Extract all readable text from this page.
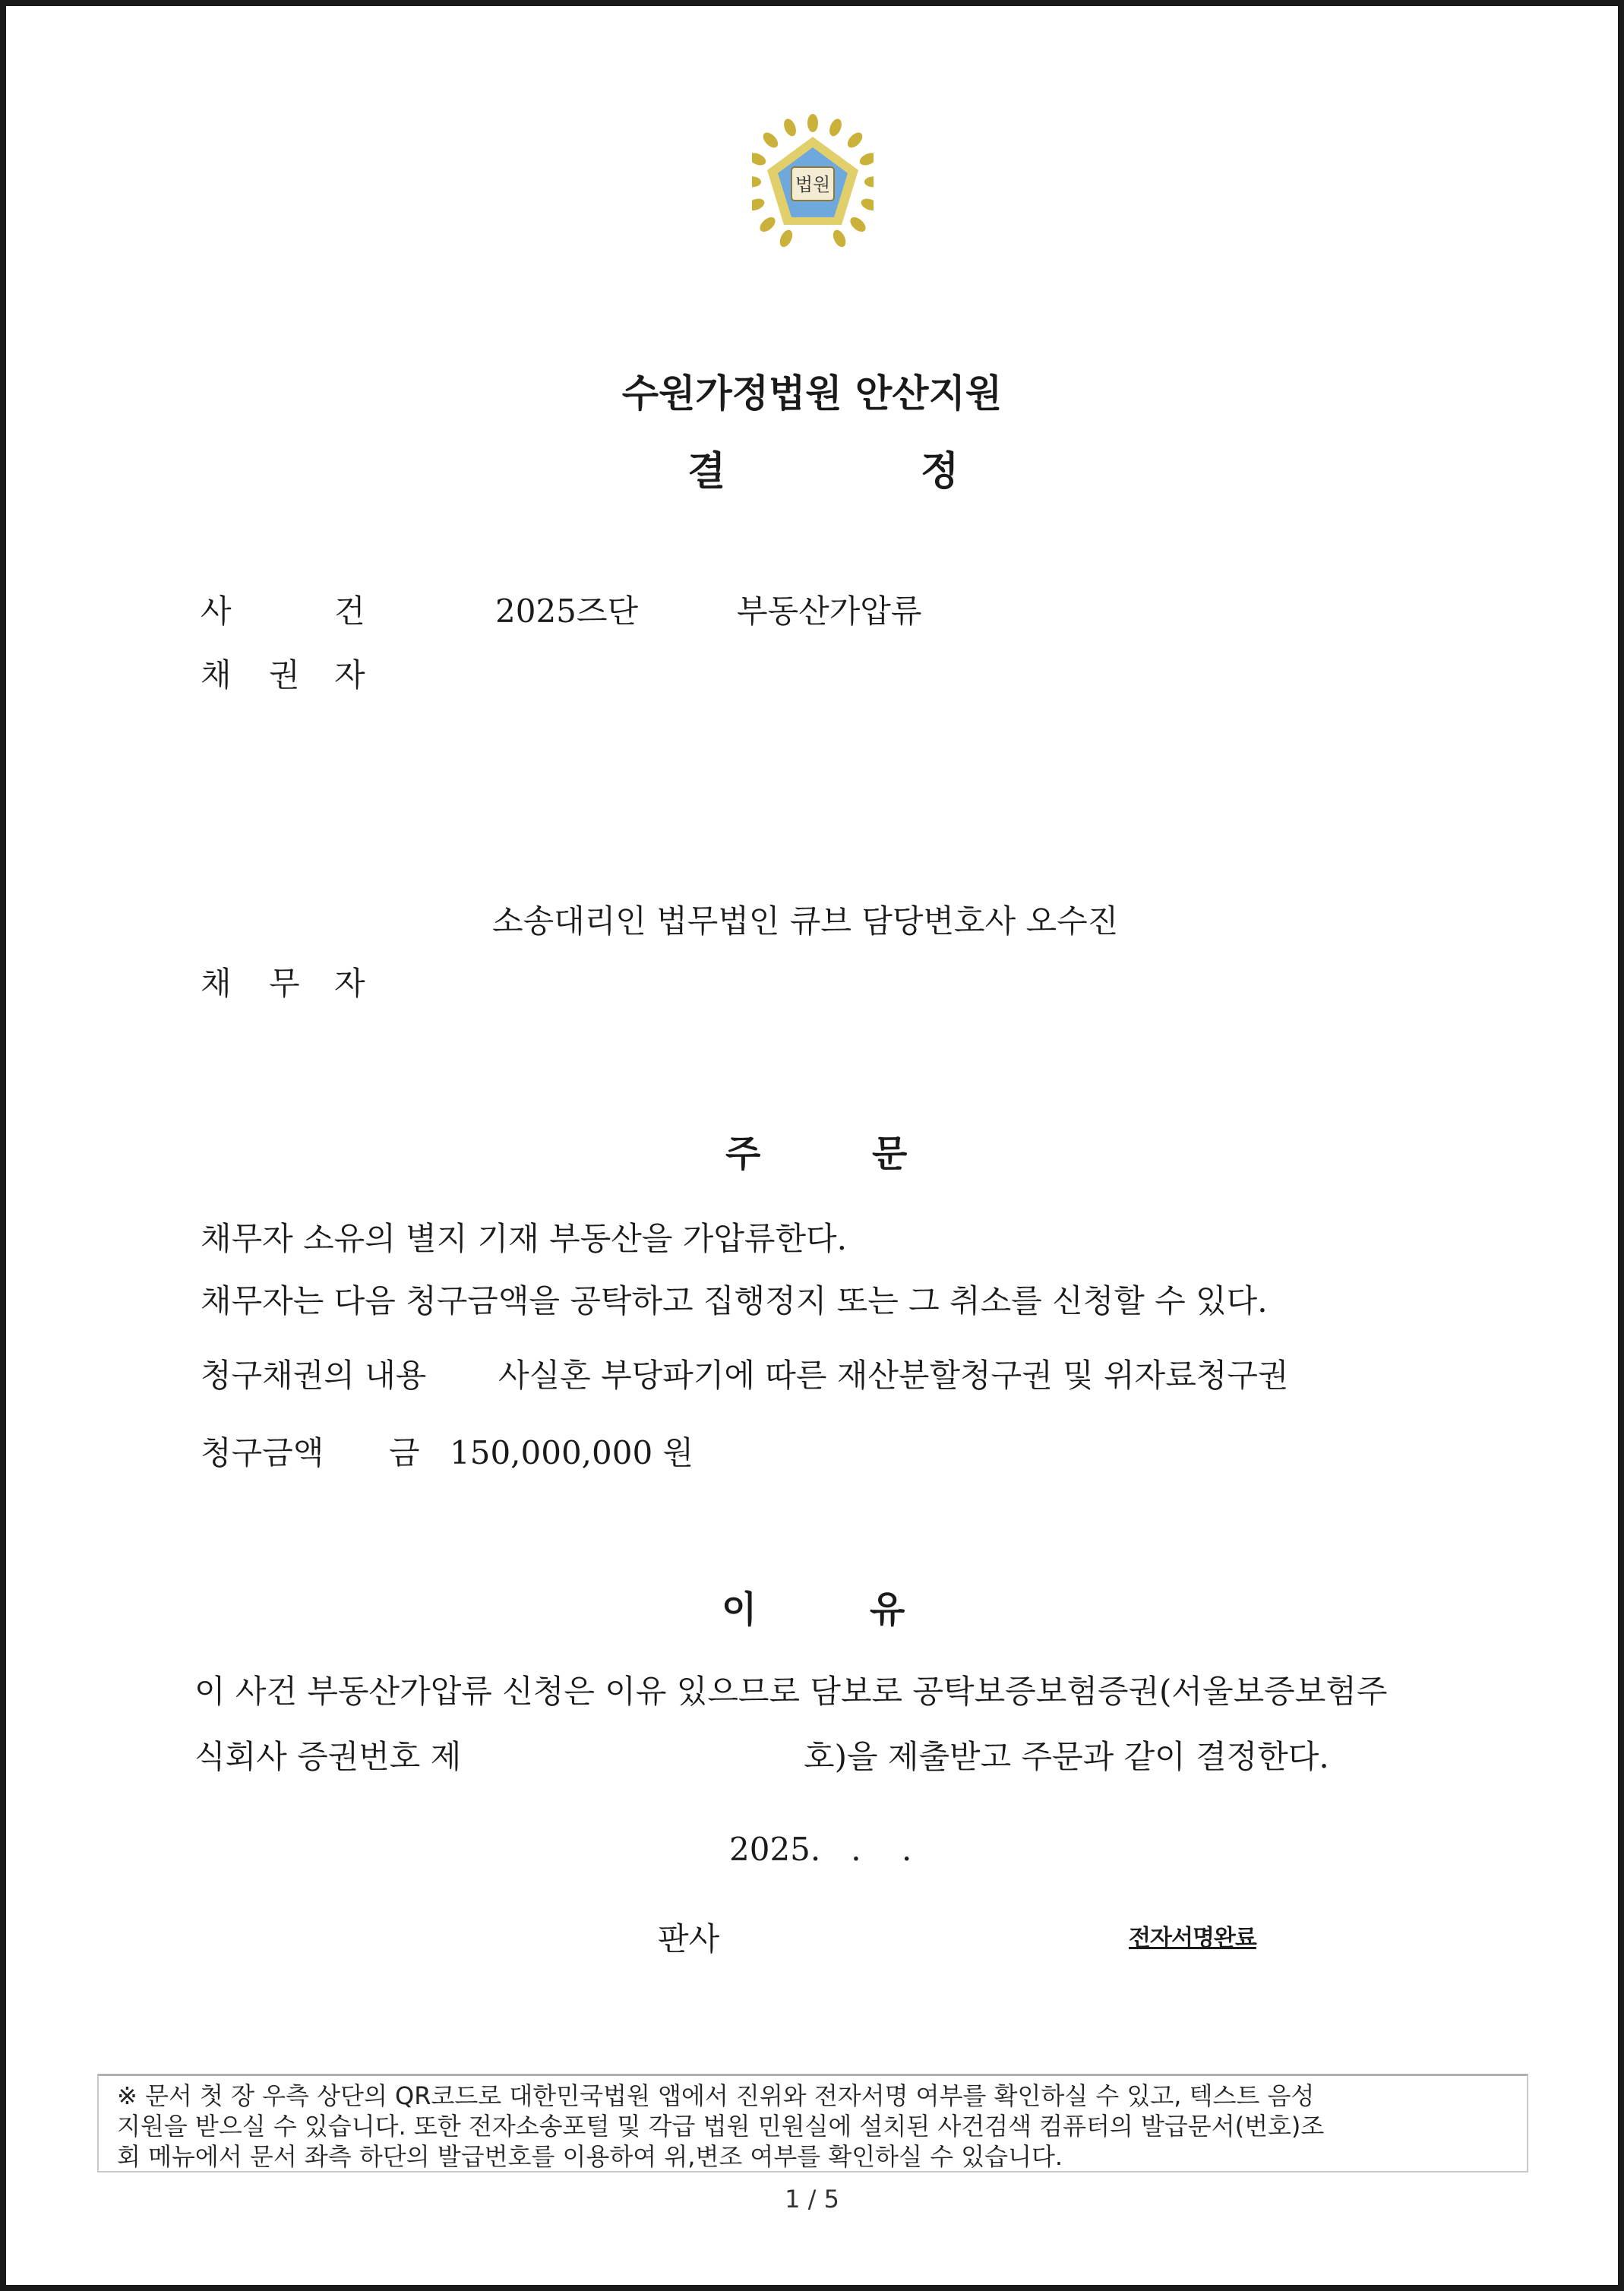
법원
수원가정법원 안산지원
결	정
사	건	2025즈단	부동산가압류
채 권 자
소송대리인 법무법인 큐브 담당변호사 오수진
채 무 자
주	문
채무자 소유의 별지 기재 부동산을 가압류한다.
채무자는 다음 청구금액을 공탁하고 집행정지 또는 그 취소를 신청할 수 있다.
청구채권의 내용 사실혼 부당파기에 따른 재산분할청구권 및 위자료청구권
청구금액 금 150,000,000 원
이	유
이 사건 부동산가압류 신청은 이유 있으므로 담보로 공탁보증보험증권(서울보증보험주
식회사 증권번호 제	호)을 제출받고 주문과 같이 결정한다.
2025.   .    .
판사	전자서명완료

※ 문서 첫 장 우측 상단의 QR코드로 대한민국법원 앱에서 진위와 전자서명 여부를 확인하실 수 있고, 텍스트 음성

지원을 받으실 수 있습니다. 또한 전자소송포털 및 각급 법원 민원실에 설치된 사건검색 컴퓨터의 발급문서(번호)조

회 메뉴에서 문서 좌측 하단의 발급번호를 이용하여 위,변조 여부를 확인하실 수 있습니다.

1 / 5
